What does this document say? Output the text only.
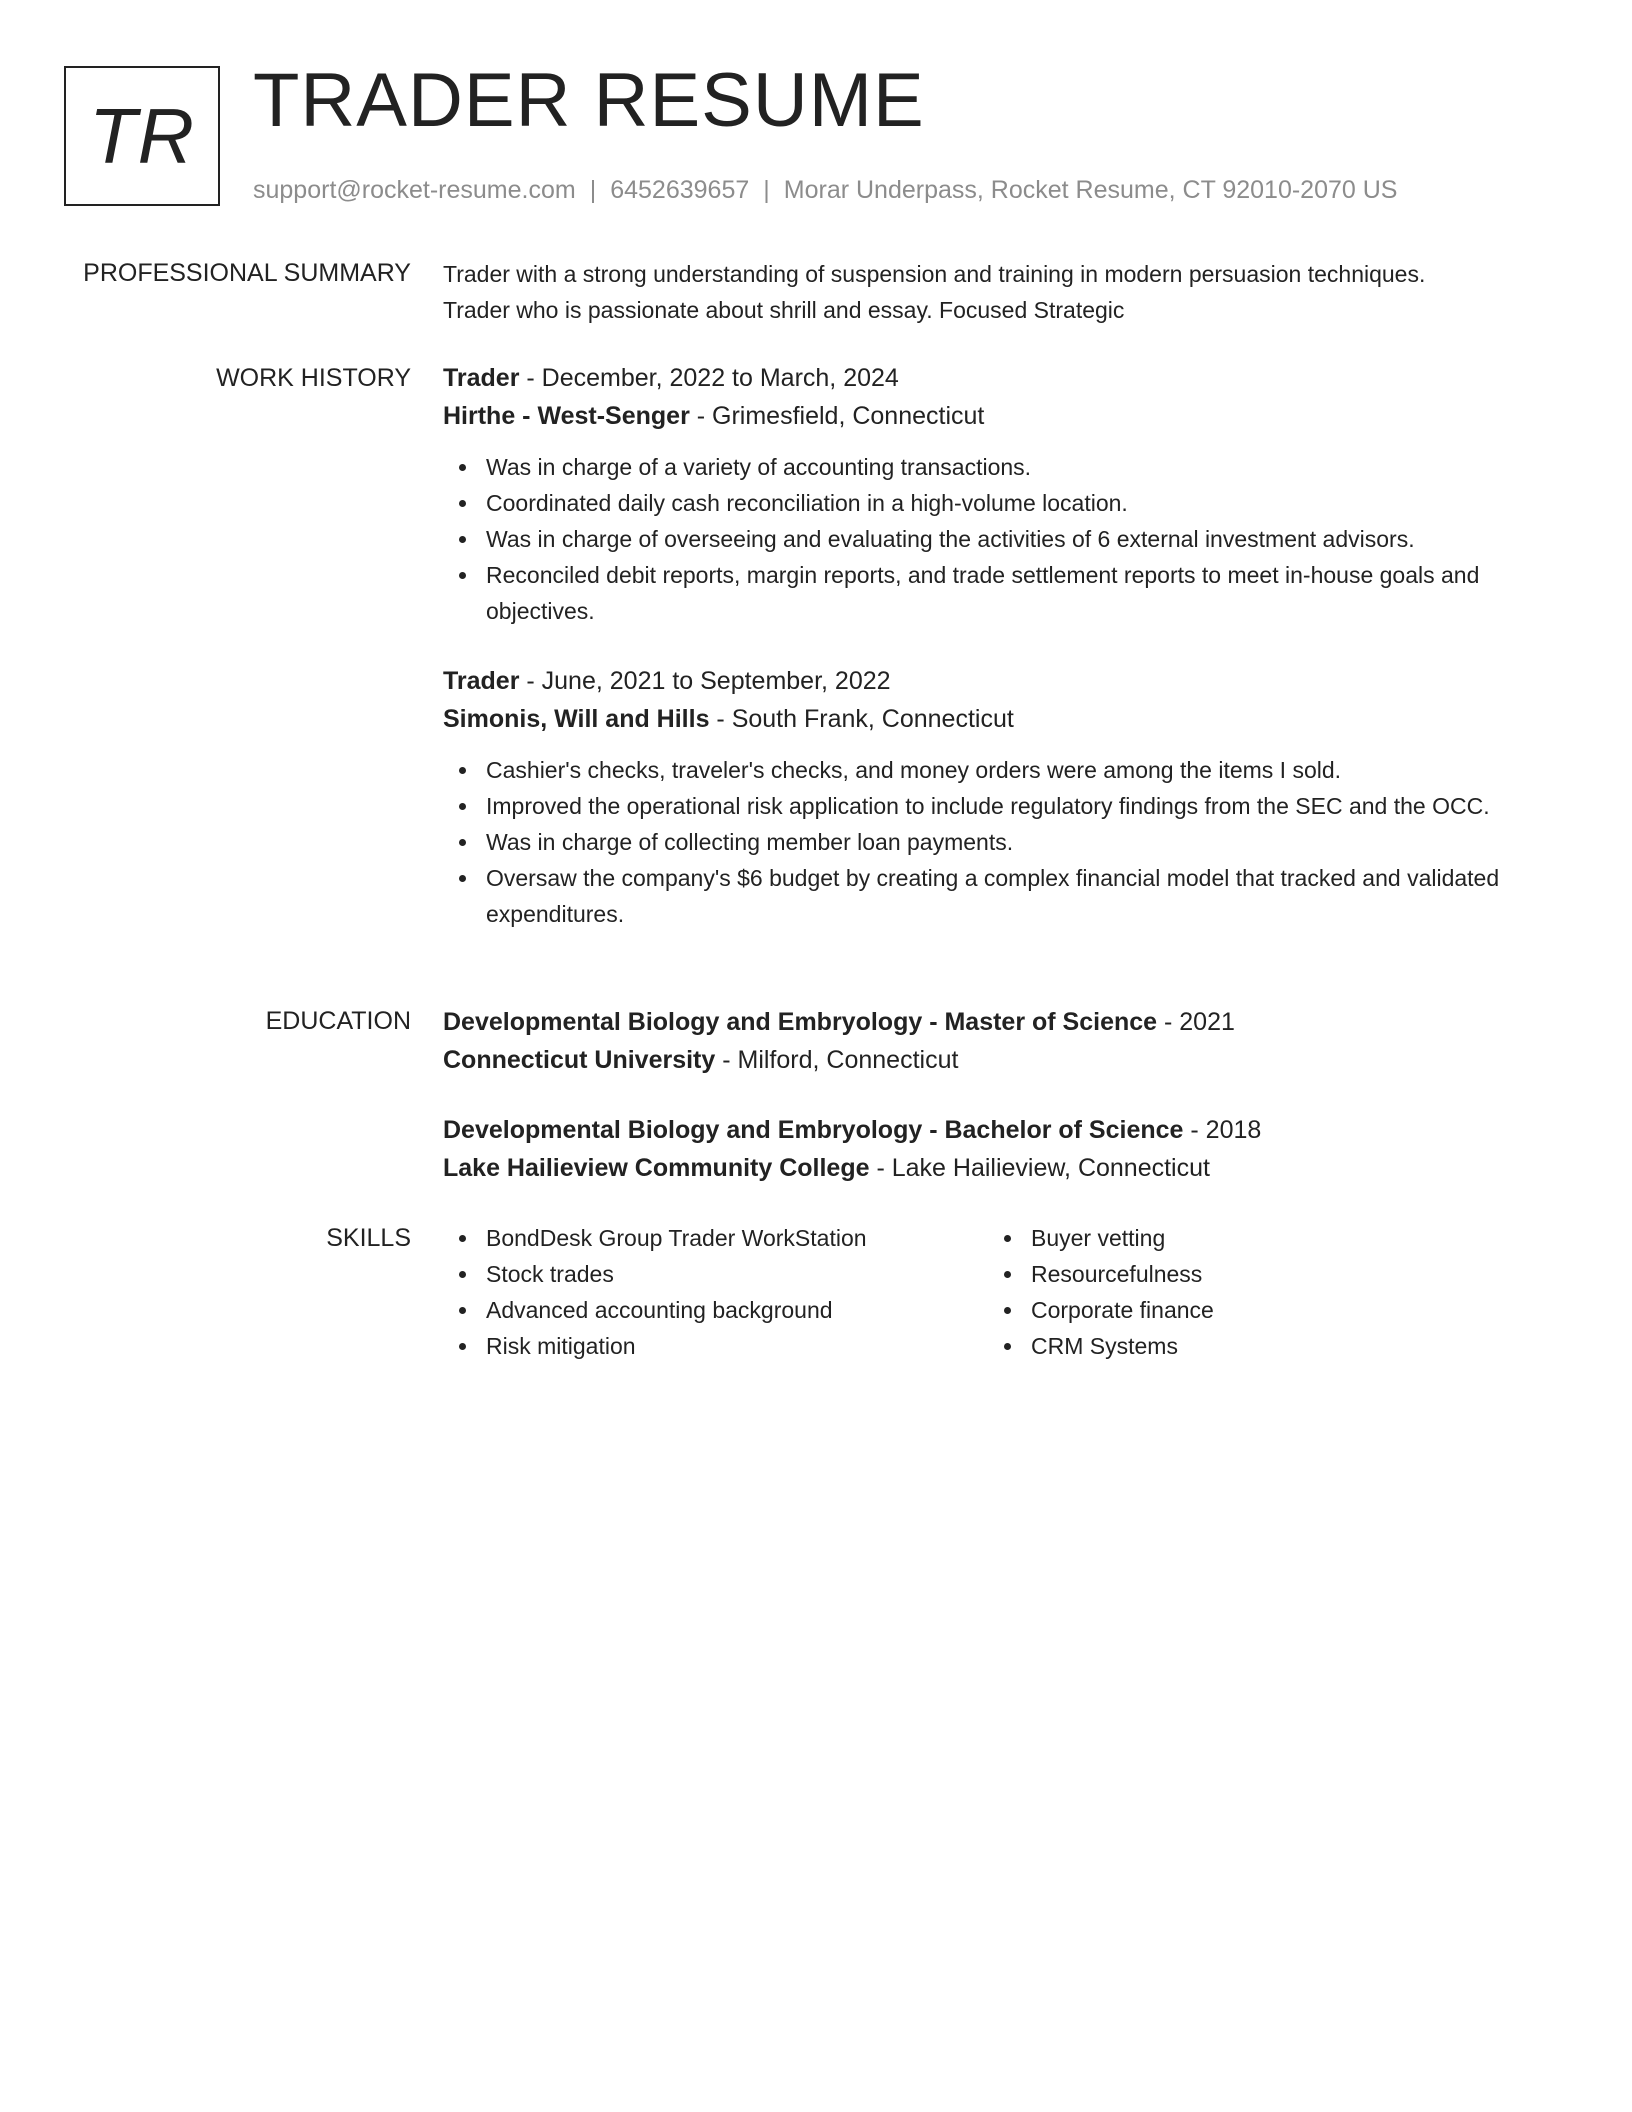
TR TRADER RESUME
support@rocket-resume.com | 6452639657 | Morar Underpass, Rocket Resume, CT 92010-2070 US
PROFESSIONAL SUMMARY Trader with a strong understanding of suspension and training in modern persuasion techniques.
Trader who is passionate about shrill and essay. Focused Strategic
WORK HISTORY Trader - December, 2022 to March, 2024
Hirthe - West-Senger - Grimesfield, Connecticut
Was in charge of a variety of accounting transactions.
Coordinated daily cash reconciliation in a high-volume location.
Was in charge of overseeing and evaluating the activities of 6 external investment advisors.
Reconciled debit reports, margin reports, and trade settlement reports to meet in-house goals and objectives.
Trader - June, 2021 to September, 2022
Simonis, Will and Hills - South Frank, Connecticut
Cashier's checks, traveler's checks, and money orders were among the items I sold.
Improved the operational risk application to include regulatory findings from the SEC and the OCC.
Was in charge of collecting member loan payments.
Oversaw the company's $6 budget by creating a complex financial model that tracked and validated expenditures.
EDUCATION Developmental Biology and Embryology - Master of Science - 2021
Connecticut University - Milford, Connecticut
Developmental Biology and Embryology - Bachelor of Science - 2018
Lake Hailieview Community College - Lake Hailieview, Connecticut
SKILLS	BondDesk Group Trader WorkStation
Stock trades
Advanced accounting background
Risk mitigation
Buyer vetting
Resourcefulness
Corporate finance
CRM Systems
